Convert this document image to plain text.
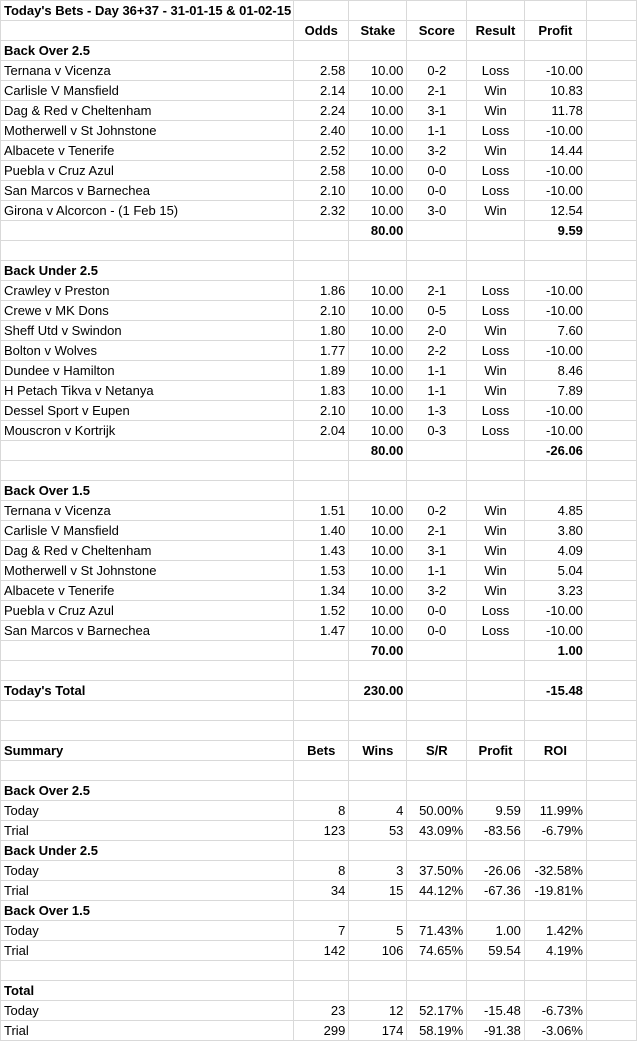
Today's Bets - Day 36+37 - 31-01-15 & 01-02-15						
	Odds	Stake	Score	Result	Profit	
Back Over 2.5						
Ternana v Vicenza	2.58	10.00	0-2	Loss	-10.00	
Carlisle V Mansfield	2.14	10.00	2-1	Win	10.83	
Dag & Red v Cheltenham	2.24	10.00	3-1	Win	11.78	
Motherwell v St Johnstone	2.40	10.00	1-1	Loss	-10.00	
Albacete v Tenerife	2.52	10.00	3-2	Win	14.44	
Puebla v Cruz Azul	2.58	10.00	0-0	Loss	-10.00	
San Marcos v Barnechea	2.10	10.00	0-0	Loss	-10.00	
Girona v Alcorcon - (1 Feb 15)	2.32	10.00	3-0	Win	12.54	
		80.00			9.59	

Back Under 2.5						
Crawley v Preston	1.86	10.00	2-1	Loss	-10.00	
Crewe v MK Dons	2.10	10.00	0-5	Loss	-10.00	
Sheff Utd v Swindon	1.80	10.00	2-0	Win	7.60	
Bolton v Wolves	1.77	10.00	2-2	Loss	-10.00	
Dundee v Hamilton	1.89	10.00	1-1	Win	8.46	
H Petach Tikva v Netanya	1.83	10.00	1-1	Win	7.89	
Dessel Sport v Eupen	2.10	10.00	1-3	Loss	-10.00	
Mouscron v Kortrijk	2.04	10.00	0-3	Loss	-10.00	
		80.00			-26.06	

Back Over 1.5						
Ternana v Vicenza	1.51	10.00	0-2	Win	4.85	
Carlisle V Mansfield	1.40	10.00	2-1	Win	3.80	
Dag & Red v Cheltenham	1.43	10.00	3-1	Win	4.09	
Motherwell v St Johnstone	1.53	10.00	1-1	Win	5.04	
Albacete v Tenerife	1.34	10.00	3-2	Win	3.23	
Puebla v Cruz Azul	1.52	10.00	0-0	Loss	-10.00	
San Marcos v Barnechea	1.47	10.00	0-0	Loss	-10.00	
		70.00			1.00	

Today's Total		230.00			-15.48	

Summary	Bets	Wins	S/R	Profit	ROI	

Back Over 2.5						
Today	8	4	50.00%	9.59	11.99%	
Trial	123	53	43.09%	-83.56	-6.79%	
Back Under 2.5						
Today	8	3	37.50%	-26.06	-32.58%	
Trial	34	15	44.12%	-67.36	-19.81%	
Back Over 1.5						
Today	7	5	71.43%	1.00	1.42%	
Trial	142	106	74.65%	59.54	4.19%	

Total						
Today	23	12	52.17%	-15.48	-6.73%	
Trial	299	174	58.19%	-91.38	-3.06%	
